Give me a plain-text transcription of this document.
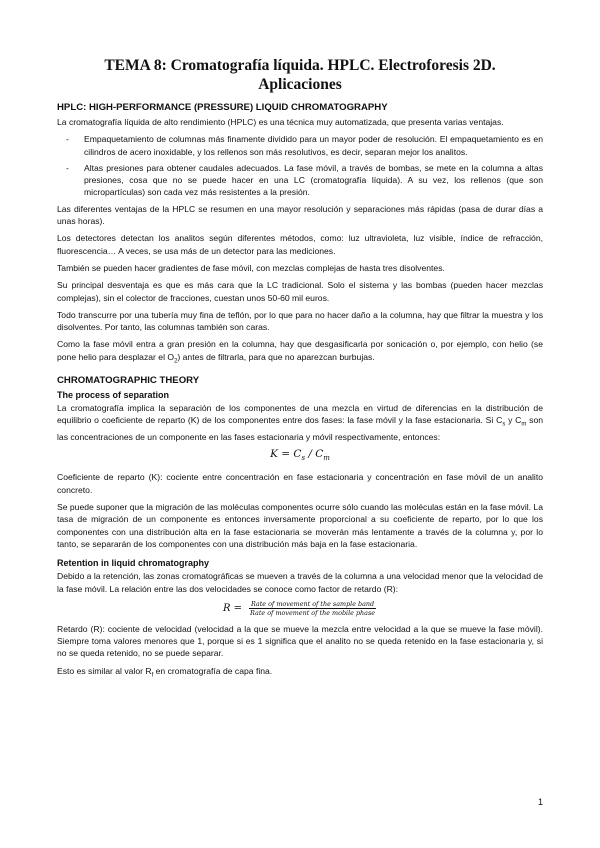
TEMA 8: Cromatografía líquida. HPLC. Electroforesis 2D.
Aplicaciones
HPLC: HIGH-PERFORMANCE (PRESSURE) LIQUID CHROMATOGRAPHY

La cromatografía líquida de alto rendimiento (HPLC) es una técnica muy automatizada, que presenta varias ventajas.

- Empaquetamiento de columnas más finamente dividido para un mayor poder de resolución. El empaquetamiento es en cilindros de acero inoxidable, y los rellenos son más resolutivos, es decir, separan mejor los analitos.
- Altas presiones para obtener caudales adecuados. La fase móvil, a través de bombas, se mete en la columna a altas presiones, cosa que no se puede hacer en una LC (cromatografía líquida). A su vez, los rellenos (que son micropartículas) son cada vez más resistentes a la presión.

Las diferentes ventajas de la HPLC se resumen en una mayor resolución y separaciones más rápidas (pasa de durar días a unas horas).

Los detectores detectan los analitos según diferentes métodos, como: luz ultravioleta, luz visible, índice de refracción, fluorescencia… A veces, se usa más de un detector para las mediciones.

También se pueden hacer gradientes de fase móvil, con mezclas complejas de hasta tres disolventes.

Su principal desventaja es que es más cara que la LC tradicional. Solo el sistema y las bombas (pueden hacer mezclas complejas), sin el colector de fracciones, cuestan unos 50-60 mil euros.

Todo transcurre por una tubería muy fina de teflón, por lo que para no hacer daño a la columna, hay que filtrar la muestra y los disolventes. Por tanto, las columnas también son caras.

Como la fase móvil entra a gran presión en la columna, hay que desgasificarla por sonicación o, por ejemplo, con helio (se pone helio para desplazar el $O_2$) antes de filtrarla, para que no aparezcan burbujas.

CHROMATOGRAPHIC THEORY
The process of separation

La cromatografía implica la separación de los componentes de una mezcla en virtud de diferencias en la distribución de equilibrio o coeficiente de reparto (K) de los componentes entre dos fases: la fase móvil y la fase estacionaria. Si $C_s$ y $C_m$ son las concentraciones de un componente en las fases estacionaria y móvil respectivamente, entonces:

$K = C_s / C_m$

Coeficiente de reparto (K): cociente entre concentración en fase estacionaria y concentración en fase móvil de un analito concreto.

Se puede suponer que la migración de las moléculas componentes ocurre sólo cuando las moléculas están en la fase móvil. La tasa de migración de un componente es entonces inversamente proporcional a su coeficiente de reparto, por lo que los componentes con una distribución alta en la fase estacionaria se moverán más lentamente a través de la columna y, por lo tanto, se separarán de los componentes con una distribución más baja en la fase estacionaria.

Retention in liquid chromatography

Debido a la retención, las zonas cromatográficas se mueven a través de la columna a una velocidad menor que la velocidad de la fase móvil. La relación entre las dos velocidades se conoce como factor de retardo (R):

$R = \frac{\text{Rate of movement of the sample band}}{\text{Rate of movement of the mobile phase}}$

Retardo (R): cociente de velocidad (velocidad a la que se mueve la mezcla entre velocidad a la que se mueve la fase móvil). Siempre toma valores menores que 1, porque si es 1 significa que el analito no se queda retenido en la fase estacionaria y, si no se queda retenido, no se puede separar.

Esto es similar al valor $R_f$ en cromatografía de capa fina.

1
